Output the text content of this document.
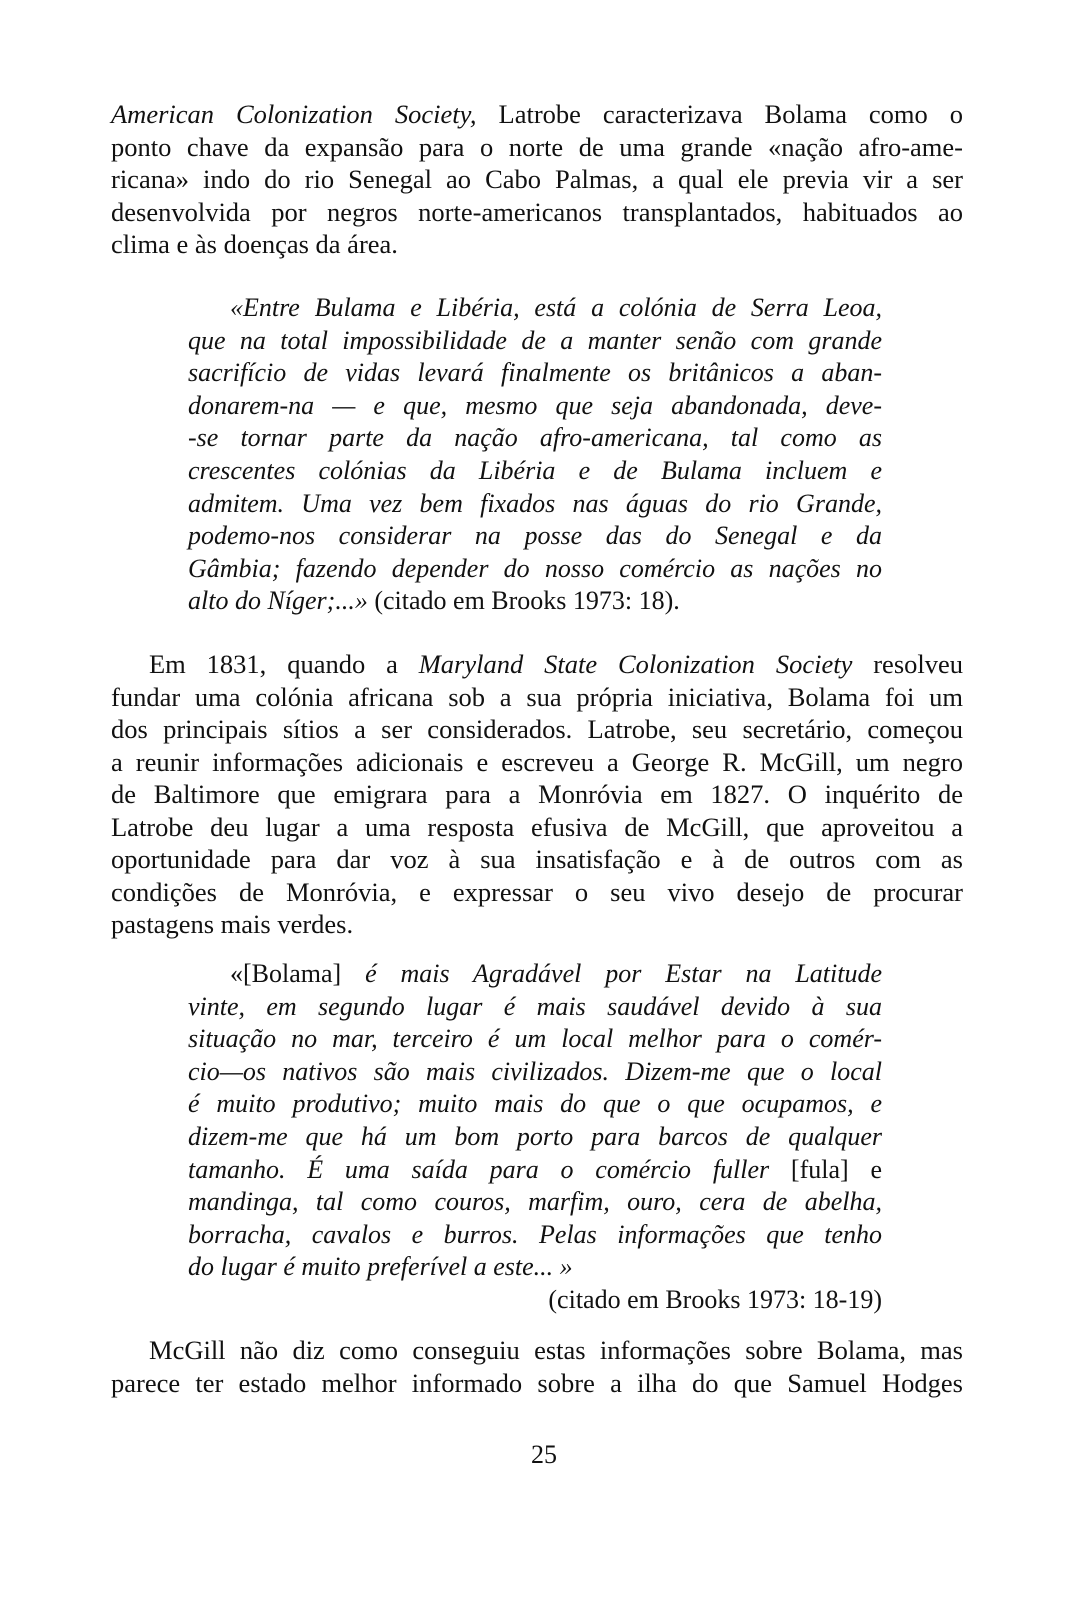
American Colonization Society, Latrobe caracterizava Bolama como o
ponto chave da expansão para o norte de uma grande «nação afro-ame-
ricana» indo do rio Senegal ao Cabo Palmas, a qual ele previa vir a ser
desenvolvida por negros norte-americanos transplantados, habituados ao
clima e às doenças da área.
«Entre Bulama e Libéria, está a colónia de Serra Leoa,
que na total impossibilidade de a manter senão com grande
sacrifício de vidas levará finalmente os britânicos a aban-
donarem-na — e que, mesmo que seja abandonada, deve-
-se tornar parte da nação afro-americana, tal como as
crescentes colónias da Libéria e de Bulama incluem e
admitem. Uma vez bem fixados nas águas do rio Grande,
podemo-nos considerar na posse das do Senegal e da
Gâmbia; fazendo depender do nosso comércio as nações no
alto do Níger;...» (citado em Brooks 1973: 18).
Em 1831, quando a Maryland State Colonization Society resolveu
fundar uma colónia africana sob a sua própria iniciativa, Bolama foi um
dos principais sítios a ser considerados. Latrobe, seu secretário, começou
a reunir informações adicionais e escreveu a George R. McGill, um negro
de Baltimore que emigrara para a Monróvia em 1827. O inquérito de
Latrobe deu lugar a uma resposta efusiva de McGill, que aproveitou a
oportunidade para dar voz à sua insatisfação e à de outros com as
condições de Monróvia, e expressar o seu vivo desejo de procurar
pastagens mais verdes.
«[Bolama] é mais Agradável por Estar na Latitude
vinte, em segundo lugar é mais saudável devido à sua
situação no mar, terceiro é um local melhor para o comér-
cio—os nativos são mais civilizados. Dizem-me que o local
é muito produtivo; muito mais do que o que ocupamos, e
dizem-me que há um bom porto para barcos de qualquer
tamanho. É uma saída para o comércio fuller [fula] e
mandinga, tal como couros, marfim, ouro, cera de abelha,
borracha, cavalos e burros. Pelas informações que tenho
do lugar é muito preferível a este... »
(citado em Brooks 1973: 18-19)
McGill não diz como conseguiu estas informações sobre Bolama, mas
parece ter estado melhor informado sobre a ilha do que Samuel Hodges
25
